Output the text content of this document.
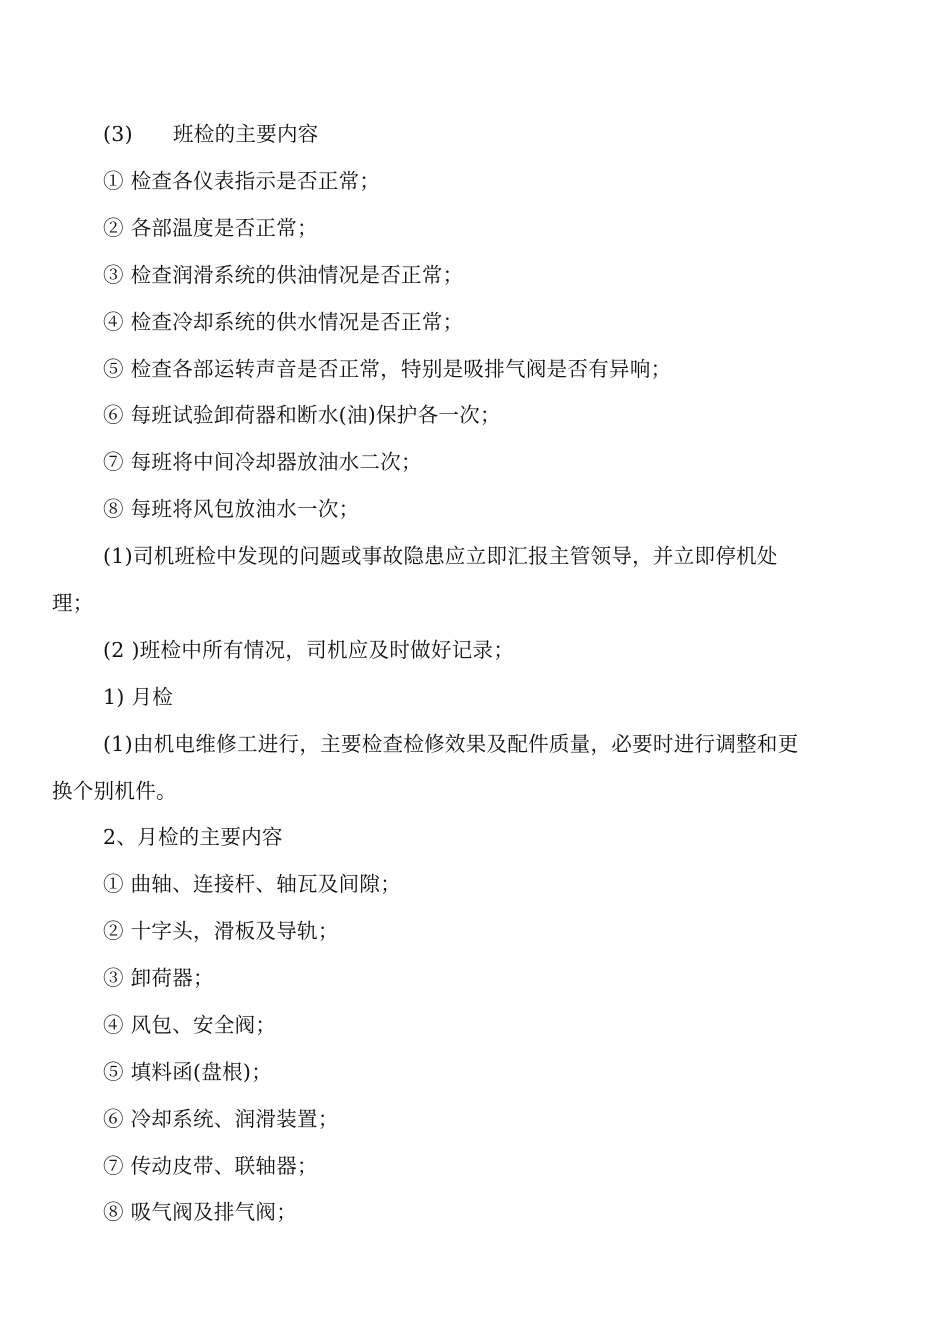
(3) 班检的主要内容
① 检查各仪表指示是否正常；
② 各部温度是否正常；
③ 检查润滑系统的供油情况是否正常；
④ 检查冷却系统的供水情况是否正常；
⑤ 检查各部运转声音是否正常，特别是吸排气阀是否有异响；
⑥ 每班试验卸荷器和断水(油)保护各一次；
⑦ 每班将中间冷却器放油水二次；
⑧ 每班将风包放油水一次；
(1)司机班检中发现的问题或事故隐患应立即汇报主管领导，并立即停机处
理；
(2 )班检中所有情况，司机应及时做好记录；
1) 月检
(1)由机电维修工进行，主要检查检修效果及配件质量，必要时进行调整和更
换个别机件。
2、月检的主要内容
① 曲轴、连接杆、轴瓦及间隙；
② 十字头，滑板及导轨；
③ 卸荷器；
④ 风包、安全阀；
⑤ 填料函(盘根)；
⑥ 冷却系统、润滑装置；
⑦ 传动皮带、联轴器；
⑧ 吸气阀及排气阀；
